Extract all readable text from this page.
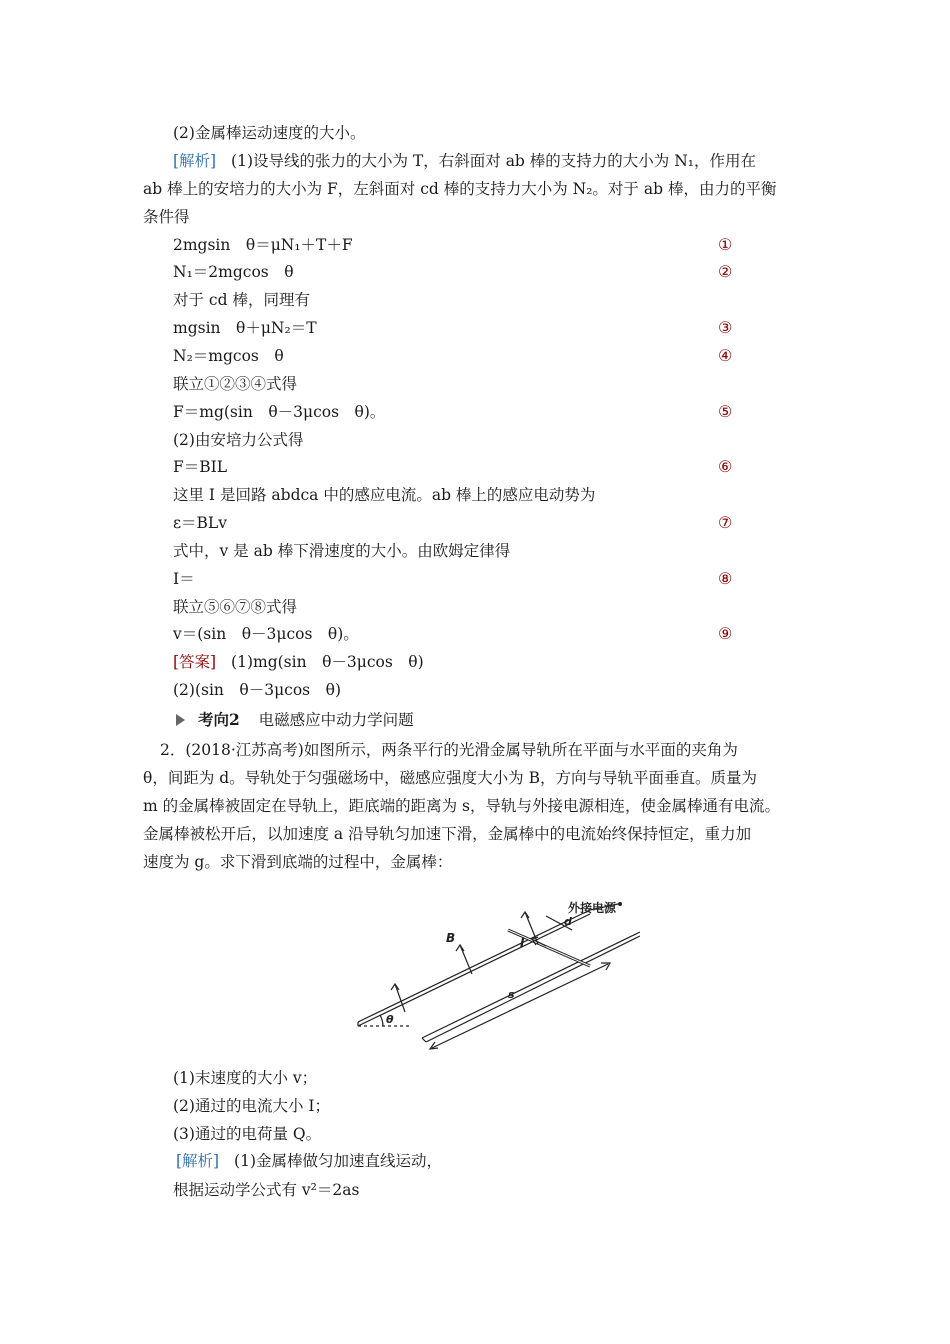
(2)金属棒运动速度的大小。
[解析] (1)设导线的张力的大小为 T，右斜面对 ab 棒的支持力的大小为 N₁，作用在
ab 棒上的安培力的大小为 F，左斜面对 cd 棒的支持力大小为 N₂。对于 ab 棒，由力的平衡
条件得
2mgsin　θ＝μN₁＋T＋F	①
N₁＝2mgcos　θ	②
对于 cd 棒，同理有
mgsin　θ＋μN₂＝T	③
N₂＝mgcos　θ	④
联立①②③④式得
F＝mg(sin　θ－3μcos　θ)。	⑤
(2)由安培力公式得
F＝BIL	⑥
这里 I 是回路 abdca 中的感应电流。ab 棒上的感应电动势为
ε＝BLv	⑦
式中，v 是 ab 棒下滑速度的大小。由欧姆定律得
I＝	⑧
联立⑤⑥⑦⑧式得
v＝(sin　θ－3μcos　θ)。	⑨
[答案] (1)mg(sin　θ－3μcos　θ)
(2)(sin　θ－3μcos　θ)
考向2 电磁感应中动力学问题
2．(2018·江苏高考)如图所示，两条平行的光滑金属导轨所在平面与水平面的夹角为
θ，间距为 d。导轨处于匀强磁场中，磁感应强度大小为 B，方向与导轨平面垂直。质量为
m 的金属棒被固定在导轨上，距底端的距离为 s，导轨与外接电源相连，使金属棒通有电流。
金属棒被松开后，以加速度 a 沿导轨匀加速下滑，金属棒中的电流始终保持恒定，重力加
速度为 g。求下滑到底端的过程中，金属棒：
外接电源
B	I
d
s
θ
(1)末速度的大小 v；
(2)通过的电流大小 I；
(3)通过的电荷量 Q。
[解析] (1)金属棒做匀加速直线运动，
根据运动学公式有 v²＝2as
